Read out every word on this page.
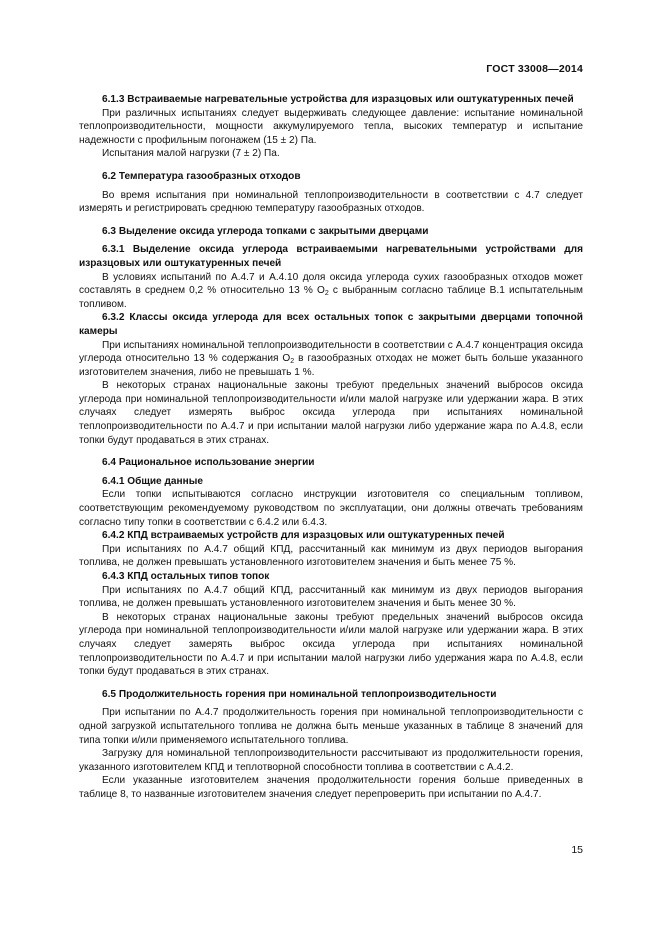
ГОСТ 33008—2014

6.1.3 Встраиваемые нагревательные устройства для изразцовых или оштукатуренных печей

При различных испытаниях следует выдерживать следующее давление: испытание номинальной теплопроизводительности, мощности аккумулируемого тепла, высоких температур и испытание надежности с профильным погонажем (15 ± 2) Па.

Испытания малой нагрузки (7 ± 2) Па.

6.2 Температура газообразных отходов

Во время испытания при номинальной теплопроизводительности в соответствии с 4.7 следует измерять и регистрировать среднюю температуру газообразных отходов.

6.3 Выделение оксида углерода топками с закрытыми дверцами

6.3.1 Выделение оксида углерода встраиваемыми нагревательными устройствами для изразцовых или оштукатуренных печей

В условиях испытаний по А.4.7 и А.4.10 доля оксида углерода сухих газообразных отходов может составлять в среднем 0,2 % относительно 13 % $O_2$ с выбранным согласно таблице В.1 испытательным топливом.

6.3.2 Классы оксида углерода для всех остальных топок с закрытыми дверцами топочной камеры

При испытаниях номинальной теплопроизводительности в соответствии с А.4.7 концентрация оксида углерода относительно 13 % содержания $O_2$ в газообразных отходах не может быть больше указанного изготовителем значения, либо не превышать 1 %.

В некоторых странах национальные законы требуют предельных значений выбросов оксида углерода при номинальной теплопроизводительности и/или малой нагрузке или удержании жара. В этих случаях следует измерять выброс оксида углерода при испытаниях номинальной теплопроизводительности по А.4.7 и при испытании малой нагрузки либо удержание жара по А.4.8, если топки будут продаваться в этих странах.

6.4 Рациональное использование энергии

6.4.1 Общие данные

Если топки испытываются согласно инструкции изготовителя со специальным топливом, соответствующим рекомендуемому руководством по эксплуатации, они должны отвечать требованиям согласно типу топки в соответствии с 6.4.2 или 6.4.3.

6.4.2 КПД встраиваемых устройств для изразцовых или оштукатуренных печей

При испытаниях по А.4.7 общий КПД, рассчитанный как минимум из двух периодов выгорания топлива, не должен превышать установленного изготовителем значения и быть менее 75 %.

6.4.3 КПД остальных типов топок

При испытаниях по А.4.7 общий КПД, рассчитанный как минимум из двух периодов выгорания топлива, не должен превышать установленного изготовителем значения и быть менее 30 %.

В некоторых странах национальные законы требуют предельных значений выбросов оксида углерода при номинальной теплопроизводительности и/или малой нагрузке или удержании жара. В этих случаях следует замерять выброс оксида углерода при испытаниях номинальной теплопроизводительности по А.4.7 и при испытании малой нагрузки либо удержания жара по А.4.8, если топки будут продаваться в этих странах.

6.5 Продолжительность горения при номинальной теплопроизводительности

При испытании по А.4.7 продолжительность горения при номинальной теплопроизводительности с одной загрузкой испытательного топлива не должна быть меньше указанных в таблице 8 значений для типа топки и/или применяемого испытательного топлива.

Загрузку для номинальной теплопроизводительности рассчитывают из продолжительности горения, указанного изготовителем КПД и теплотворной способности топлива в соответствии с А.4.2.

Если указанные изготовителем значения продолжительности горения больше приведенных в таблице 8, то названные изготовителем значения следует перепроверить при испытании по А.4.7.

15
